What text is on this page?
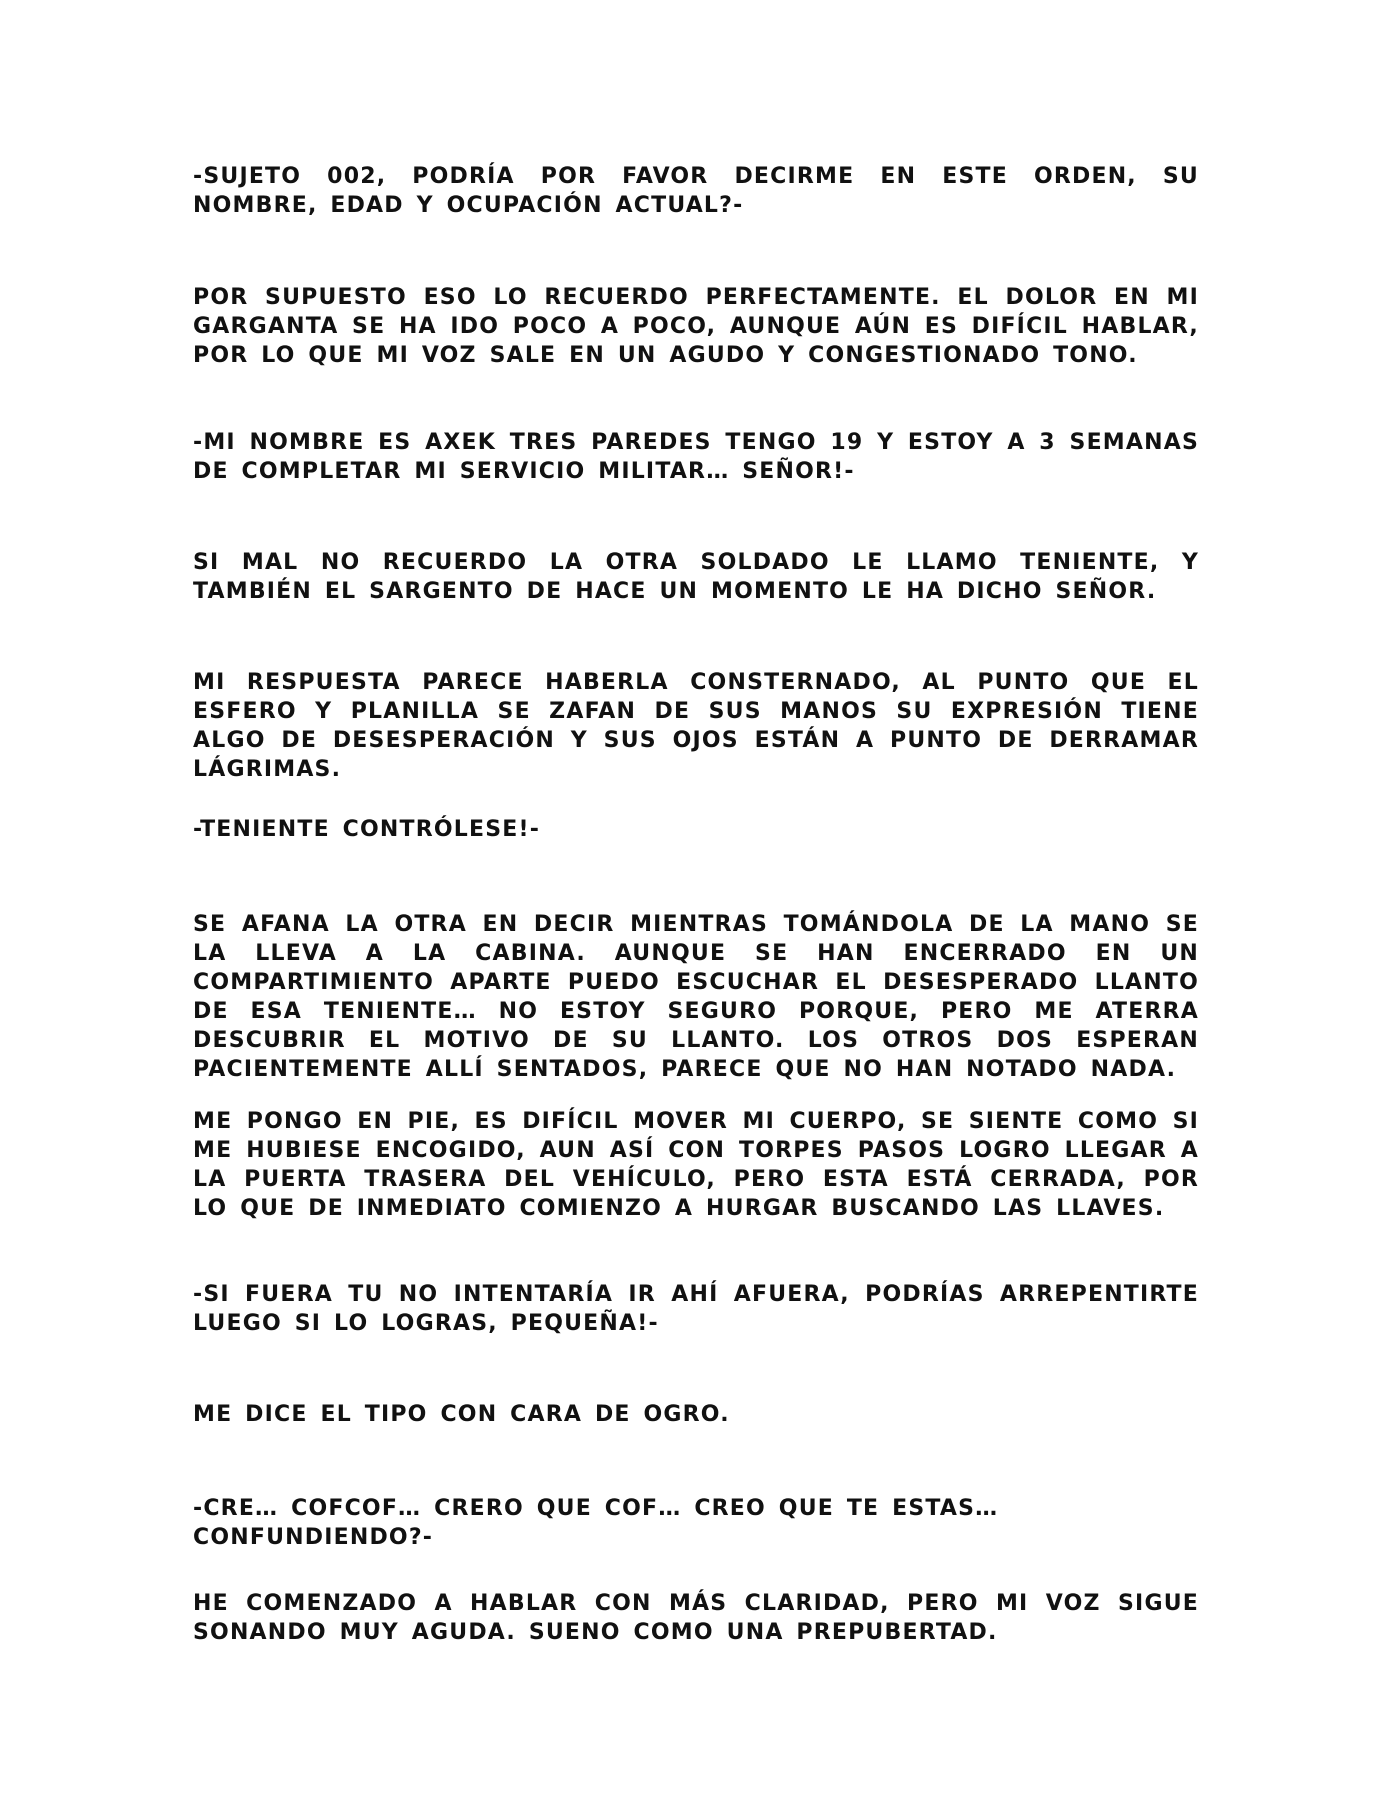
-SUJETO 002, PODRÍA POR FAVOR DECIRME EN ESTE ORDEN, SU NOMBRE, EDAD Y OCUPACIÓN ACTUAL?-

POR SUPUESTO ESO LO RECUERDO PERFECTAMENTE. EL DOLOR EN MI GARGANTA SE HA IDO POCO A POCO, AUNQUE AÚN ES DIFÍCIL HABLAR, POR LO QUE MI VOZ SALE EN UN AGUDO Y CONGESTIONADO TONO.

-MI NOMBRE ES AXEK TRES PAREDES TENGO 19 Y ESTOY A 3 SEMANAS DE COMPLETAR MI SERVICIO MILITAR… SEÑOR!-

SI MAL NO RECUERDO LA OTRA SOLDADO LE LLAMO TENIENTE, Y TAMBIÉN EL SARGENTO DE HACE UN MOMENTO LE HA DICHO SEÑOR.

MI RESPUESTA PARECE HABERLA CONSTERNADO, AL PUNTO QUE EL ESFERO Y PLANILLA SE ZAFAN DE SUS MANOS SU EXPRESIÓN TIENE ALGO DE DESESPERACIÓN Y SUS OJOS ESTÁN A PUNTO DE DERRAMAR LÁGRIMAS.

-TENIENTE CONTRÓLESE!-

SE AFANA LA OTRA EN DECIR MIENTRAS TOMÁNDOLA DE LA MANO SE LA LLEVA A LA CABINA. AUNQUE SE HAN ENCERRADO EN UN COMPARTIMIENTO APARTE PUEDO ESCUCHAR EL DESESPERADO LLANTO DE ESA TENIENTE… NO ESTOY SEGURO PORQUE, PERO ME ATERRA DESCUBRIR EL MOTIVO DE SU LLANTO. LOS OTROS DOS ESPERAN PACIENTEMENTE ALLÍ SENTADOS, PARECE QUE NO HAN NOTADO NADA.

ME PONGO EN PIE, ES DIFÍCIL MOVER MI CUERPO, SE SIENTE COMO SI ME HUBIESE ENCOGIDO, AUN ASÍ CON TORPES PASOS LOGRO LLEGAR A LA PUERTA TRASERA DEL VEHÍCULO, PERO ESTA ESTÁ CERRADA, POR LO QUE DE INMEDIATO COMIENZO A HURGAR BUSCANDO LAS LLAVES.

-SI FUERA TU NO INTENTARÍA IR AHÍ AFUERA, PODRÍAS ARREPENTIRTE LUEGO SI LO LOGRAS, PEQUEÑA!-

ME DICE EL TIPO CON CARA DE OGRO.

-CRE… COFCOF… CRERO QUE COF… CREO QUE TE ESTAS… CONFUNDIENDO?-

HE COMENZADO A HABLAR CON MÁS CLARIDAD, PERO MI VOZ SIGUE SONANDO MUY AGUDA. SUENO COMO UNA PREPUBERTAD.
